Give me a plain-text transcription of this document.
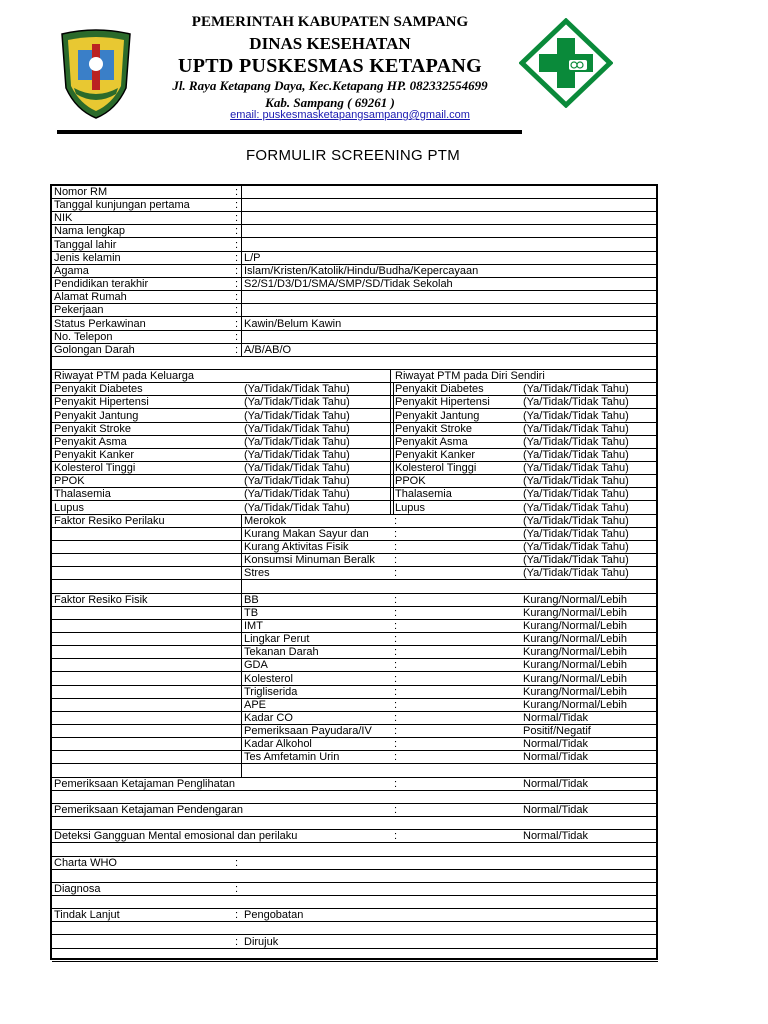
PEMERINTAH KABUPATEN SAMPANG
DINAS KESEHATAN
UPTD PUSKESMAS KETAPANG
Jl. Raya Ketapang Daya, Kec.Ketapang HP. 082332554699
Kab. Sampang ( 69261 )
email: puskesmasketapangsampang@gmail.com
FORMULIR SCREENING PTM
Nomor RM	:
Tanggal kunjungan pertama	:
NIK	:
Nama lengkap	:
Tanggal lahir	:
Jenis kelamin	: L/P
Agama	: Islam/Kristen/Katolik/Hindu/Budha/Kepercayaan
Pendidikan terakhir	: S2/S1/D3/D1/SMA/SMP/SD/Tidak Sekolah
Alamat Rumah	:
Pekerjaan	:
Status Perkawinan	: Kawin/Belum Kawin
No. Telepon	:
Golongan Darah	: A/B/AB/O
Riwayat PTM pada Keluarga	Riwayat PTM pada Diri Sendiri
Penyakit Diabetes	(Ya/Tidak/Tidak Tahu)	Penyakit Diabetes	(Ya/Tidak/Tidak Tahu)
Penyakit Hipertensi	(Ya/Tidak/Tidak Tahu)	Penyakit Hipertensi	(Ya/Tidak/Tidak Tahu)
Penyakit Jantung	(Ya/Tidak/Tidak Tahu)	Penyakit Jantung	(Ya/Tidak/Tidak Tahu)
Penyakit Stroke	(Ya/Tidak/Tidak Tahu)	Penyakit Stroke	(Ya/Tidak/Tidak Tahu)
Penyakit Asma	(Ya/Tidak/Tidak Tahu)	Penyakit Asma	(Ya/Tidak/Tidak Tahu)
Penyakit Kanker	(Ya/Tidak/Tidak Tahu)	Penyakit Kanker	(Ya/Tidak/Tidak Tahu)
Kolesterol Tinggi	(Ya/Tidak/Tidak Tahu)	Kolesterol Tinggi	(Ya/Tidak/Tidak Tahu)
PPOK	(Ya/Tidak/Tidak Tahu)	PPOK	(Ya/Tidak/Tidak Tahu)
Thalasemia	(Ya/Tidak/Tidak Tahu)	Thalasemia	(Ya/Tidak/Tidak Tahu)
Lupus	(Ya/Tidak/Tidak Tahu)	Lupus	(Ya/Tidak/Tidak Tahu)
Faktor Resiko Perilaku	Merokok	:	(Ya/Tidak/Tidak Tahu)
Kurang Makan Sayur dan	:	(Ya/Tidak/Tidak Tahu)
Kurang Aktivitas Fisik	:	(Ya/Tidak/Tidak Tahu)
Konsumsi Minuman Beralk	:	(Ya/Tidak/Tidak Tahu)
Stres	:	(Ya/Tidak/Tidak Tahu)
Faktor Resiko Fisik	BB	:	Kurang/Normal/Lebih
TB	:	Kurang/Normal/Lebih
IMT	:	Kurang/Normal/Lebih
Lingkar Perut	:	Kurang/Normal/Lebih
Tekanan Darah	:	Kurang/Normal/Lebih
GDA	:	Kurang/Normal/Lebih
Kolesterol	:	Kurang/Normal/Lebih
Trigliserida	:	Kurang/Normal/Lebih
APE	:	Kurang/Normal/Lebih
Kadar CO	:	Normal/Tidak
Pemeriksaan Payudara/IV	:	Positif/Negatif
Kadar Alkohol	:	Normal/Tidak
Tes Amfetamin Urin	:	Normal/Tidak
Pemeriksaan Ketajaman Penglihatan	:	Normal/Tidak
Pemeriksaan Ketajaman Pendengaran	:	Normal/Tidak
Deteksi Gangguan Mental emosional dan perilaku	:	Normal/Tidak
Charta WHO	:
Diagnosa	:
Tindak Lanjut	: Pengobatan
: Dirujuk
